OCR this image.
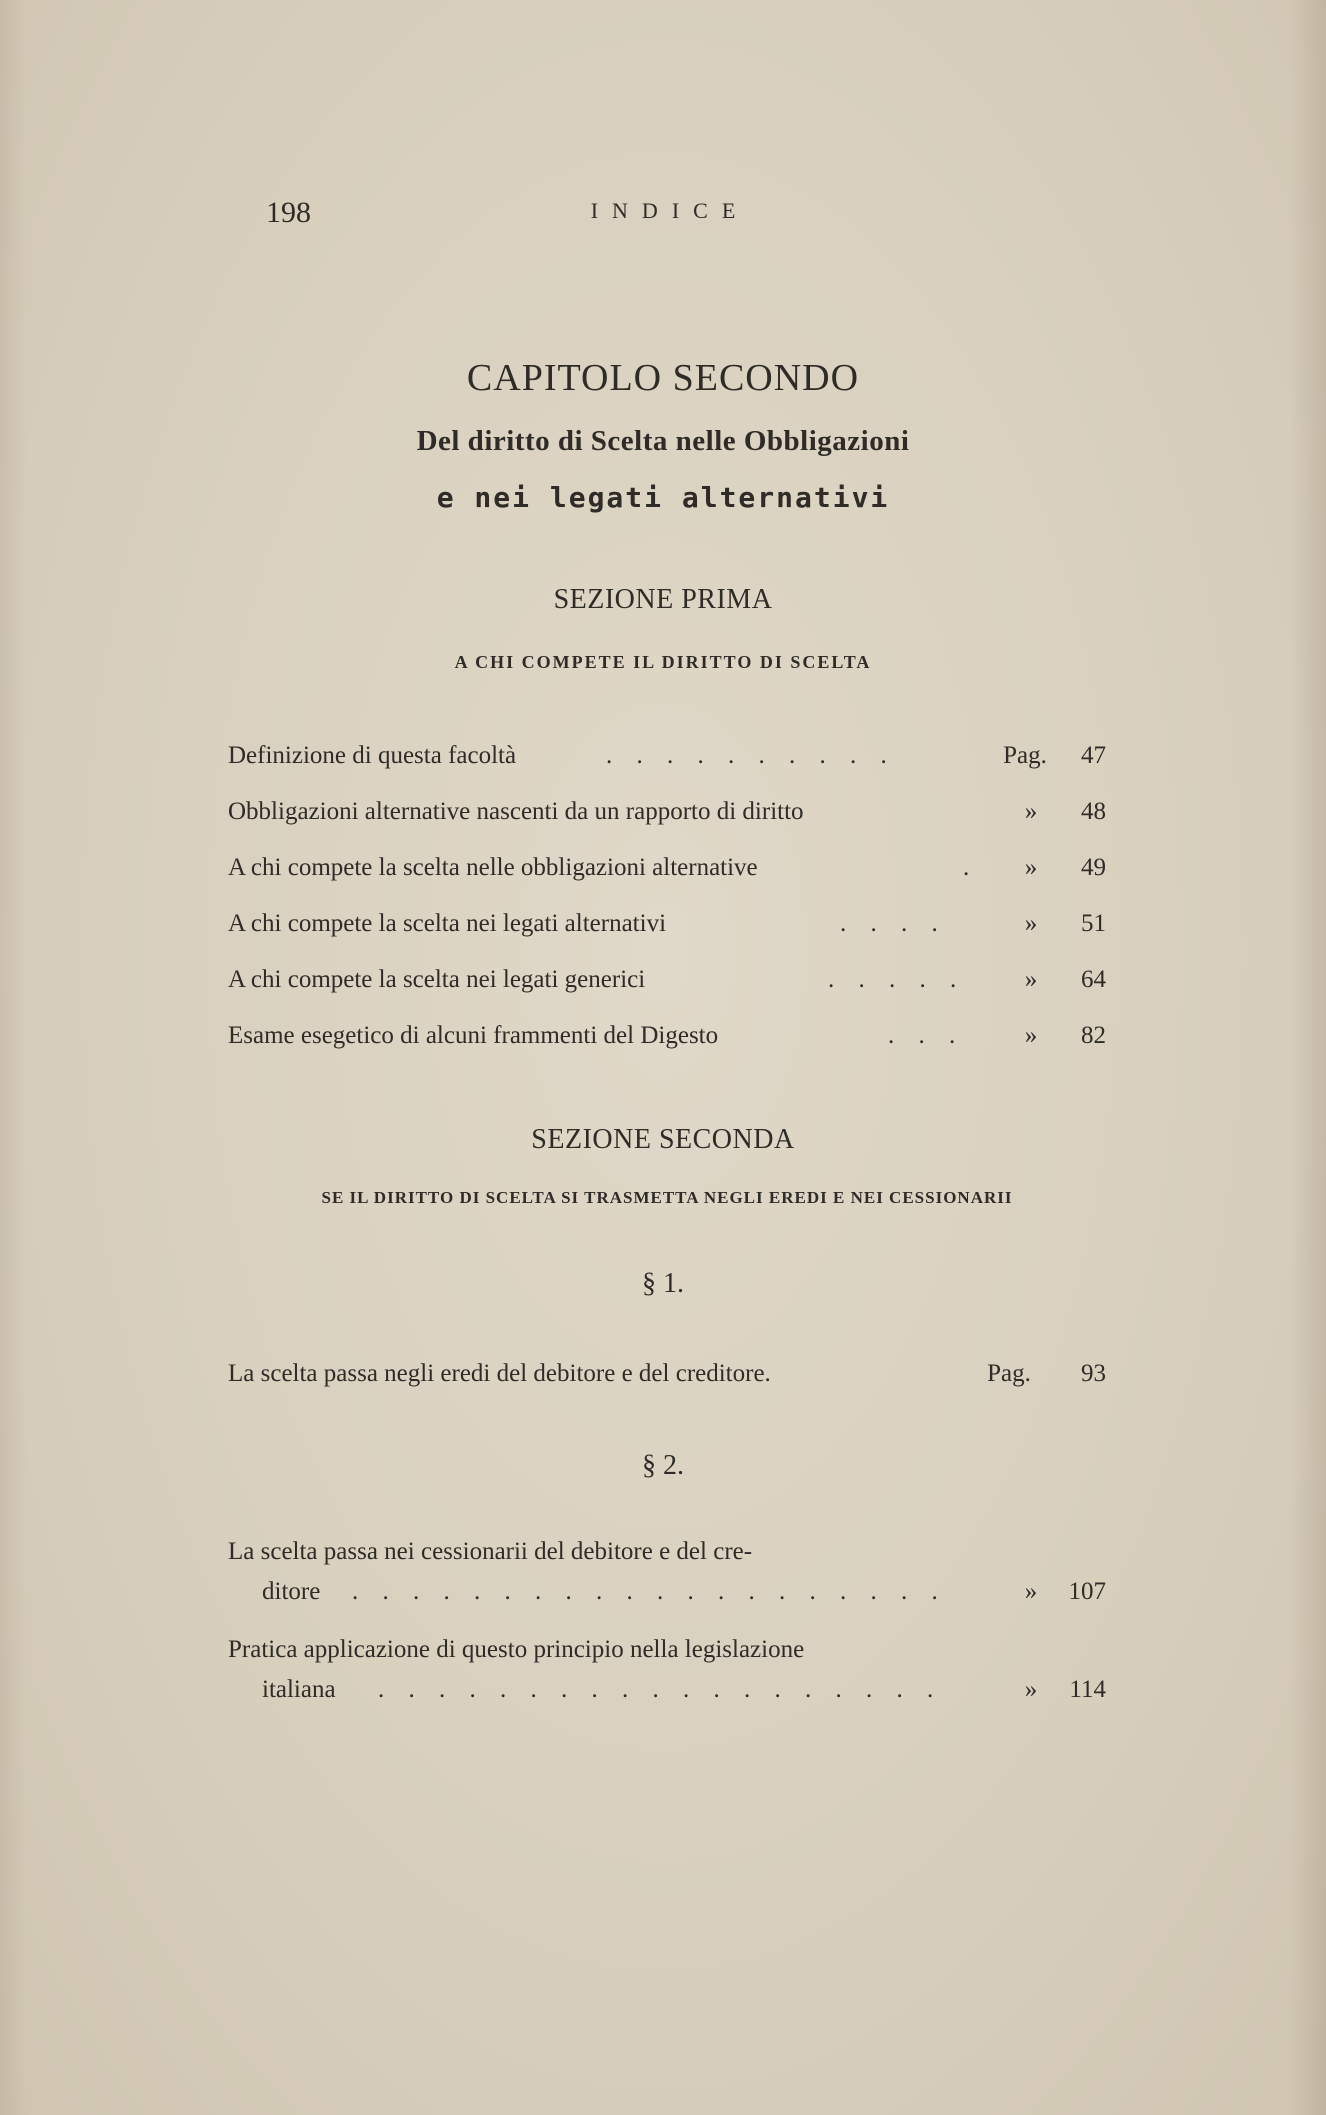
198	INDICE
CAPITOLO SECONDO
Del diritto di Scelta nelle Obbligazioni
e nei legati alternativi
SEZIONE PRIMA
A CHI COMPETE IL DIRITTO DI SCELTA
Definizione di questa facoltà	. . . . . . . . . .	Pag.	47
Obbligazioni alternative nascenti da un rapporto di diritto	»	48
A chi compete la scelta nelle obbligazioni alternative	.	»	49
A chi compete la scelta nei legati alternativi	. . . .	»	51
A chi compete la scelta nei legati generici	. . . . .	»	64
Esame esegetico di alcuni frammenti del Digesto	. . .	»	82
SEZIONE SECONDA
SE IL DIRITTO DI SCELTA SI TRASMETTA NEGLI EREDI E NEI CESSIONARII
§ 1.
La scelta passa negli eredi del debitore e del creditore.	Pag.	93
§ 2.
La scelta passa nei cessionarii del debitore e del cre-
ditore . . . . . . . . . . . . . . . . . . . .	»	107
Pratica applicazione di questo principio nella legislazione
italiana . . . . . . . . . . . . . . . . . . .	»	114
